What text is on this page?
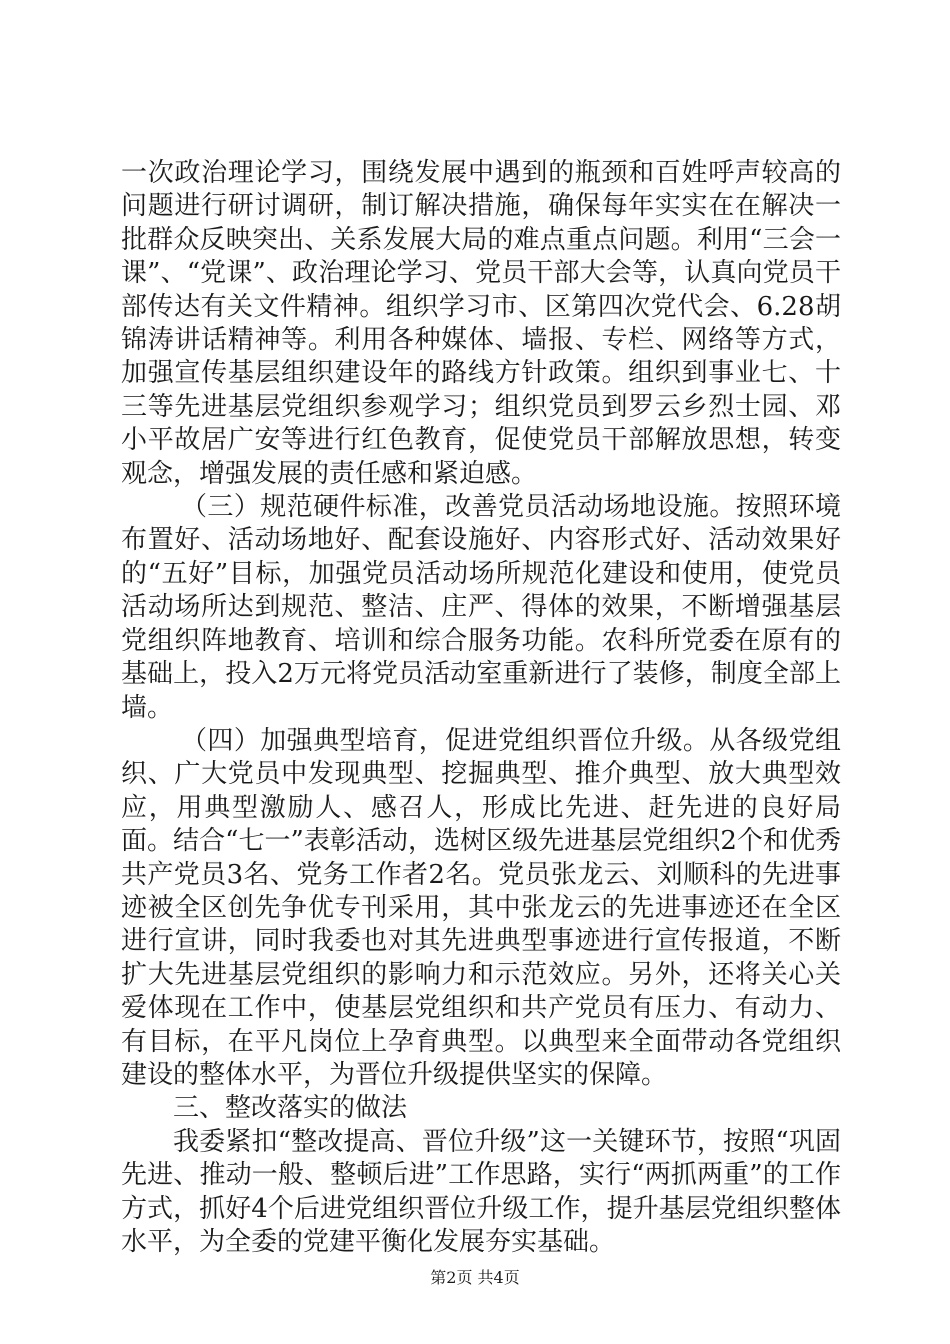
一次政治理论学习，围绕发展中遇到的瓶颈和百姓呼声较高的问题进行研讨调研，制订解决措施，确保每年实实在在解决一批群众反映突出、关系发展大局的难点重点问题。利用“三会一课”、“党课”、政治理论学习、党员干部大会等，认真向党员干部传达有关文件精神。组织学习市、区第四次党代会、6.28胡锦涛讲话精神等。利用各种媒体、墙报、专栏、网络等方式，加强宣传基层组织建设年的路线方针政策。组织到事业七、十三等先进基层党组织参观学习；组织党员到罗云乡烈士园、邓小平故居广安等进行红色教育，促使党员干部解放思想，转变观念，增强发展的责任感和紧迫感。

（三）规范硬件标准，改善党员活动场地设施。按照环境布置好、活动场地好、配套设施好、内容形式好、活动效果好的“五好”目标，加强党员活动场所规范化建设和使用，使党员活动场所达到规范、整洁、庄严、得体的效果，不断增强基层党组织阵地教育、培训和综合服务功能。农科所党委在原有的基础上，投入2万元将党员活动室重新进行了装修，制度全部上墙。

（四）加强典型培育，促进党组织晋位升级。从各级党组织、广大党员中发现典型、挖掘典型、推介典型、放大典型效应，用典型激励人、感召人，形成比先进、赶先进的良好局面。结合“七一”表彰活动，选树区级先进基层党组织2个和优秀共产党员3名、党务工作者2名。党员张龙云、刘顺科的先进事迹被全区创先争优专刊采用，其中张龙云的先进事迹还在全区进行宣讲，同时我委也对其先进典型事迹进行宣传报道，不断扩大先进基层党组织的影响力和示范效应。另外，还将关心关爱体现在工作中，使基层党组织和共产党员有压力、有动力、有目标，在平凡岗位上孕育典型。以典型来全面带动各党组织建设的整体水平，为晋位升级提供坚实的保障。

三、整改落实的做法

我委紧扣“整改提高、晋位升级”这一关键环节，按照“巩固先进、推动一般、整顿后进”工作思路，实行“两抓两重”的工作方式，抓好4个后进党组织晋位升级工作，提升基层党组织整体水平，为全委的党建平衡化发展夯实基础。

第2页 共4页
